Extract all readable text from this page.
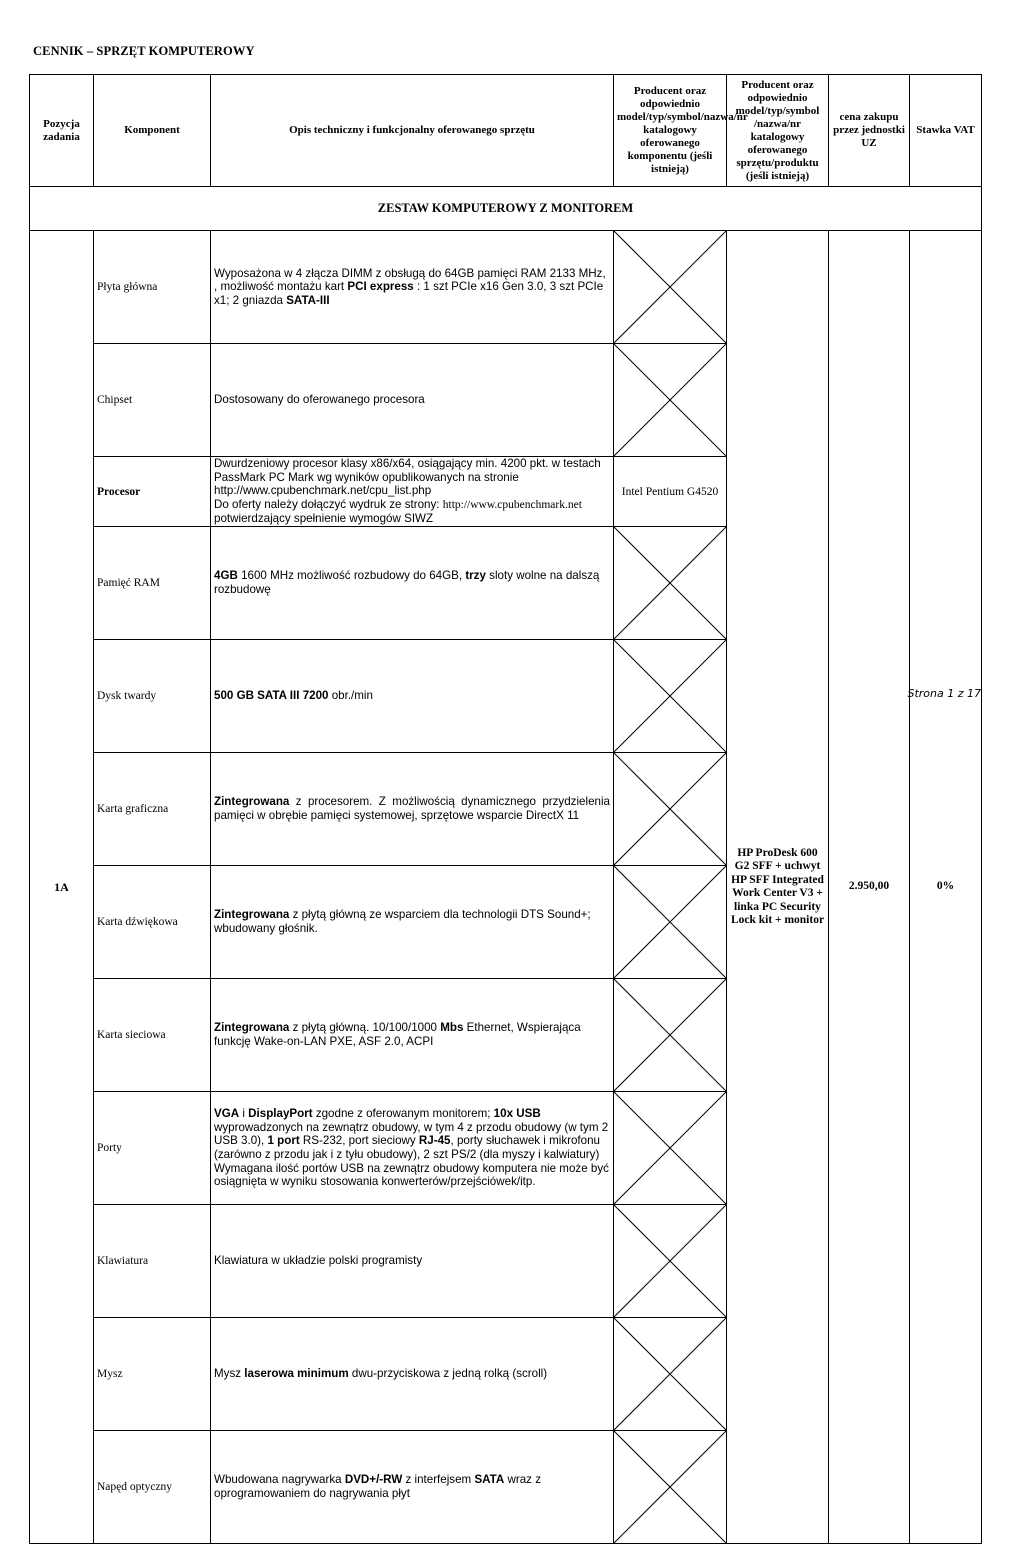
CENNIK – SPRZĘT KOMPUTEROWY
Pozycja zadania	Komponent	Opis techniczny i funkcjonalny oferowanego sprzętu	Producent oraz odpowiednio model/typ/symbol/nazwa/nr katalogowy oferowanego komponentu (jeśli istnieją)	Producent oraz odpowiednio model/typ/symbol /nazwa/nr katalogowy oferowanego sprzętu/produktu (jeśli istnieją)	cena zakupu przez jednostki UZ	Stawka VAT
ZESTAW KOMPUTEROWY Z MONITOREM						
1A	Płyta główna	Wyposażona w 4 złącza DIMM z obsługą do 64GB pamięci RAM 2133 MHz, , możliwość montażu kart PCI express : 1 szt PCIe x16 Gen 3.0, 3 szt PCIe x1; 2 gniazda SATA-III		HP ProDesk 600 G2 SFF + uchwyt HP SFF Integrated Work Center V3 + linka PC Security Lock kit + monitor	2.950,00	0%
	Chipset	Dostosowany do oferowanego procesora	

	Procesor	Dwurdzeniowy procesor klasy x86/x64, osiągający min. 4200 pkt. w testach PassMark PC Mark wg wyników opublikowanych na stronie http://www.cpubenchmark.net/cpu_list.php
Do oferty należy dołączyć wydruk ze strony: http://www.cpubenchmark.net
potwierdzający spełnienie wymogów SIWZ	Intel Pentium G4520			
	Pamięć RAM	4GB 1600 MHz możliwość rozbudowy do 64GB, trzy sloty wolne na dalszą rozbudowę	

	Dysk twardy	500 GB SATA III 7200 obr./min	

	Karta graficzna	Zintegrowana z procesorem. Z możliwością dynamicznego przydzielenia pamięci w obrębie pamięci systemowej, sprzętowe wsparcie DirectX 11	

	Karta dźwiękowa	Zintegrowana z płytą główną ze wsparciem dla technologii DTS Sound+; wbudowany głośnik.	

	Karta sieciowa	Zintegrowana z płytą główną. 10/100/1000 Mbs Ethernet, Wspierająca funkcję Wake-on-LAN PXE, ASF 2.0, ACPI	

	Porty	VGA i DisplayPort zgodne z oferowanym monitorem; 10x USB wyprowadzonych na zewnątrz obudowy, w tym 4 z przodu obudowy (w tym 2 USB 3.0), 1 port RS-232, port sieciowy RJ-45, porty słuchawek i mikrofonu (zarówno z przodu jak i z tyłu obudowy), 2 szt PS/2 (dla myszy i kalwiatury)
Wymagana ilość portów USB na zewnątrz obudowy komputera nie może być osiągnięta w wyniku stosowania konwerterów/przejściówek/itp.	

	Klawiatura	Klawiatura w układzie polski programisty	

	Mysz	Mysz laserowa minimum dwu-przyciskowa z jedną rolką (scroll)	

	Napęd optyczny	Wbudowana nagrywarka DVD+/-RW z interfejsem SATA wraz z oprogramowaniem do nagrywania płyt	
Strona 1 z 17
